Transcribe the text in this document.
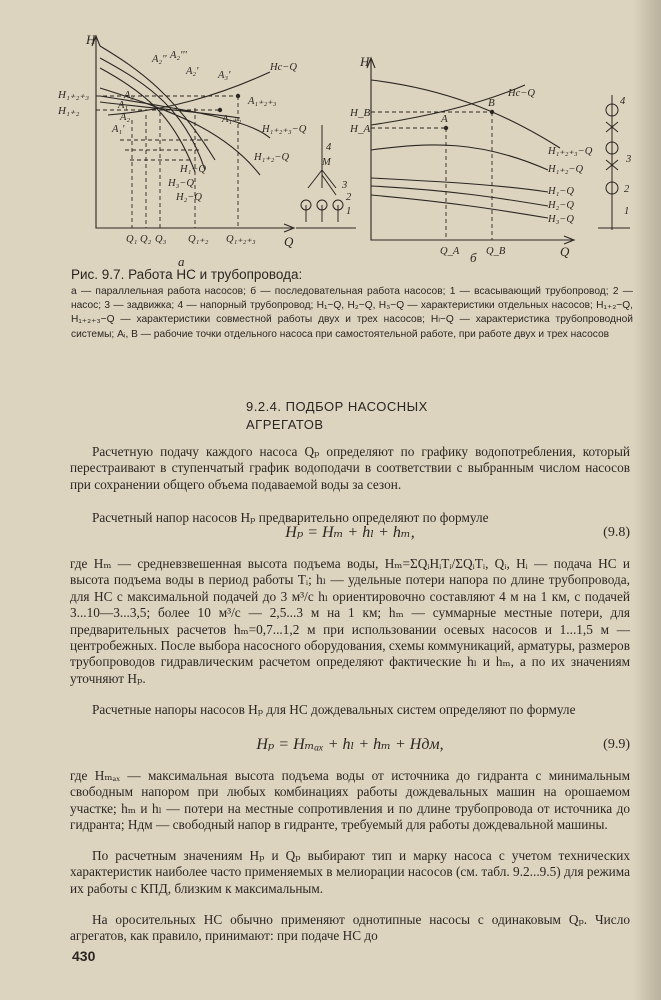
H
Q
а
H₁₊₂₊₃
H₁₊₂
A₂'' A₂'''
A₃'
A₂'
A₁
A₂
A₁₊₂₊₃
A₁₊₂
A₃
A₁'
Hc−Q
H₁₊₂₊₃−Q
H₁₊₂−Q
H₁−Q
H₃−Q
H₂−Q
Q₁ Q₂ Q₃ Q₁₊₂ Q₁₊₂₊₃
4
M
3
2
1
H
Q
б
H_B
H_A
A
B
Hc−Q
H₁₊₂₊₃−Q
H₁₊₂−Q
H₁−Q
H₂−Q
H₃−Q
Q_A	Q_B
4
3
2
1
Рис. 9.7. Работа НС и трубопровода:
а — параллельная работа насосов; б — последовательная работа насосов; 1 — всасывающий трубопровод; 2 — насос; 3 — задвижка; 4 — напорный трубопровод; H₁−Q, H₂−Q, H₃−Q — характеристики отдельных насосов; H₁₊₂−Q, H₁₊₂₊₃−Q — характеристики совместной работы двух и трех насосов; Hₗ−Q — характеристика трубопроводной системы; Aᵢ, B — рабочие точки отдельного насоса при самостоятельной работе, при работе двух и трех насосов
9.2.4. ПОДБОР НАСОСНЫХ АГРЕГАТОВ
Расчетную подачу каждого насоса Qₚ определяют по графику водопотребления, который перестраивают в ступенчатый график водоподачи в соответствии с выбранным числом насосов при сохранении общего объема подаваемой воды за сезон.
Расчетный напор насосов Hₚ предварительно определяют по формуле
Hₚ = Hₘ + hₗ + hₘ,	(9.8)
где Hₘ — средневзвешенная высота подъема воды, Hₘ=ΣQᵢHᵢTᵢ/ΣQᵢTᵢ, Qᵢ, Hᵢ — подача НС и высота подъема воды в период работы Tᵢ; hₗ — удельные потери напора по длине трубопровода, для НС с максимальной подачей до 3 м³/с hₗ ориентировочно составляют 4 м на 1 км, с подачей 3...10—3...3,5; более 10 м³/с — 2,5...3 м на 1 км; hₘ — суммарные местные потери, для предварительных расчетов hₘ=0,7...1,2 м при использовании осевых насосов и 1...1,5 м — центробежных. После выбора насосного оборудования, схемы коммуникаций, арматуры, размеров трубопроводов гидравлическим расчетом определяют фактические hₗ и hₘ, а по их значениям уточняют Hₚ.
Расчетные напоры насосов Hₚ для НС дождевальных систем определяют по формуле
Hₚ = Hₘₐₓ + hₗ + hₘ + Hдм,	(9.9)
где Hₘₐₓ — максимальная высота подъема воды от источника до гидранта с минимальным свободным напором при любых комбинациях работы дождевальных машин на орошаемом участке; hₘ и hₗ — потери на местные сопротивления и по длине трубопровода от источника до гидранта; Hдм — свободный напор в гидранте, требуемый для работы дождевальной машины.
По расчетным значениям Hₚ и Qₚ выбирают тип и марку насоса с учетом технических характеристик наиболее часто применяемых в мелиорации насосов (см. табл. 9.2...9.5) для режима их работы с КПД, близким к максимальным.
На оросительных НС обычно применяют однотипные насосы с одинаковым Qₚ. Число агрегатов, как правило, принимают: при подаче НС до
430
